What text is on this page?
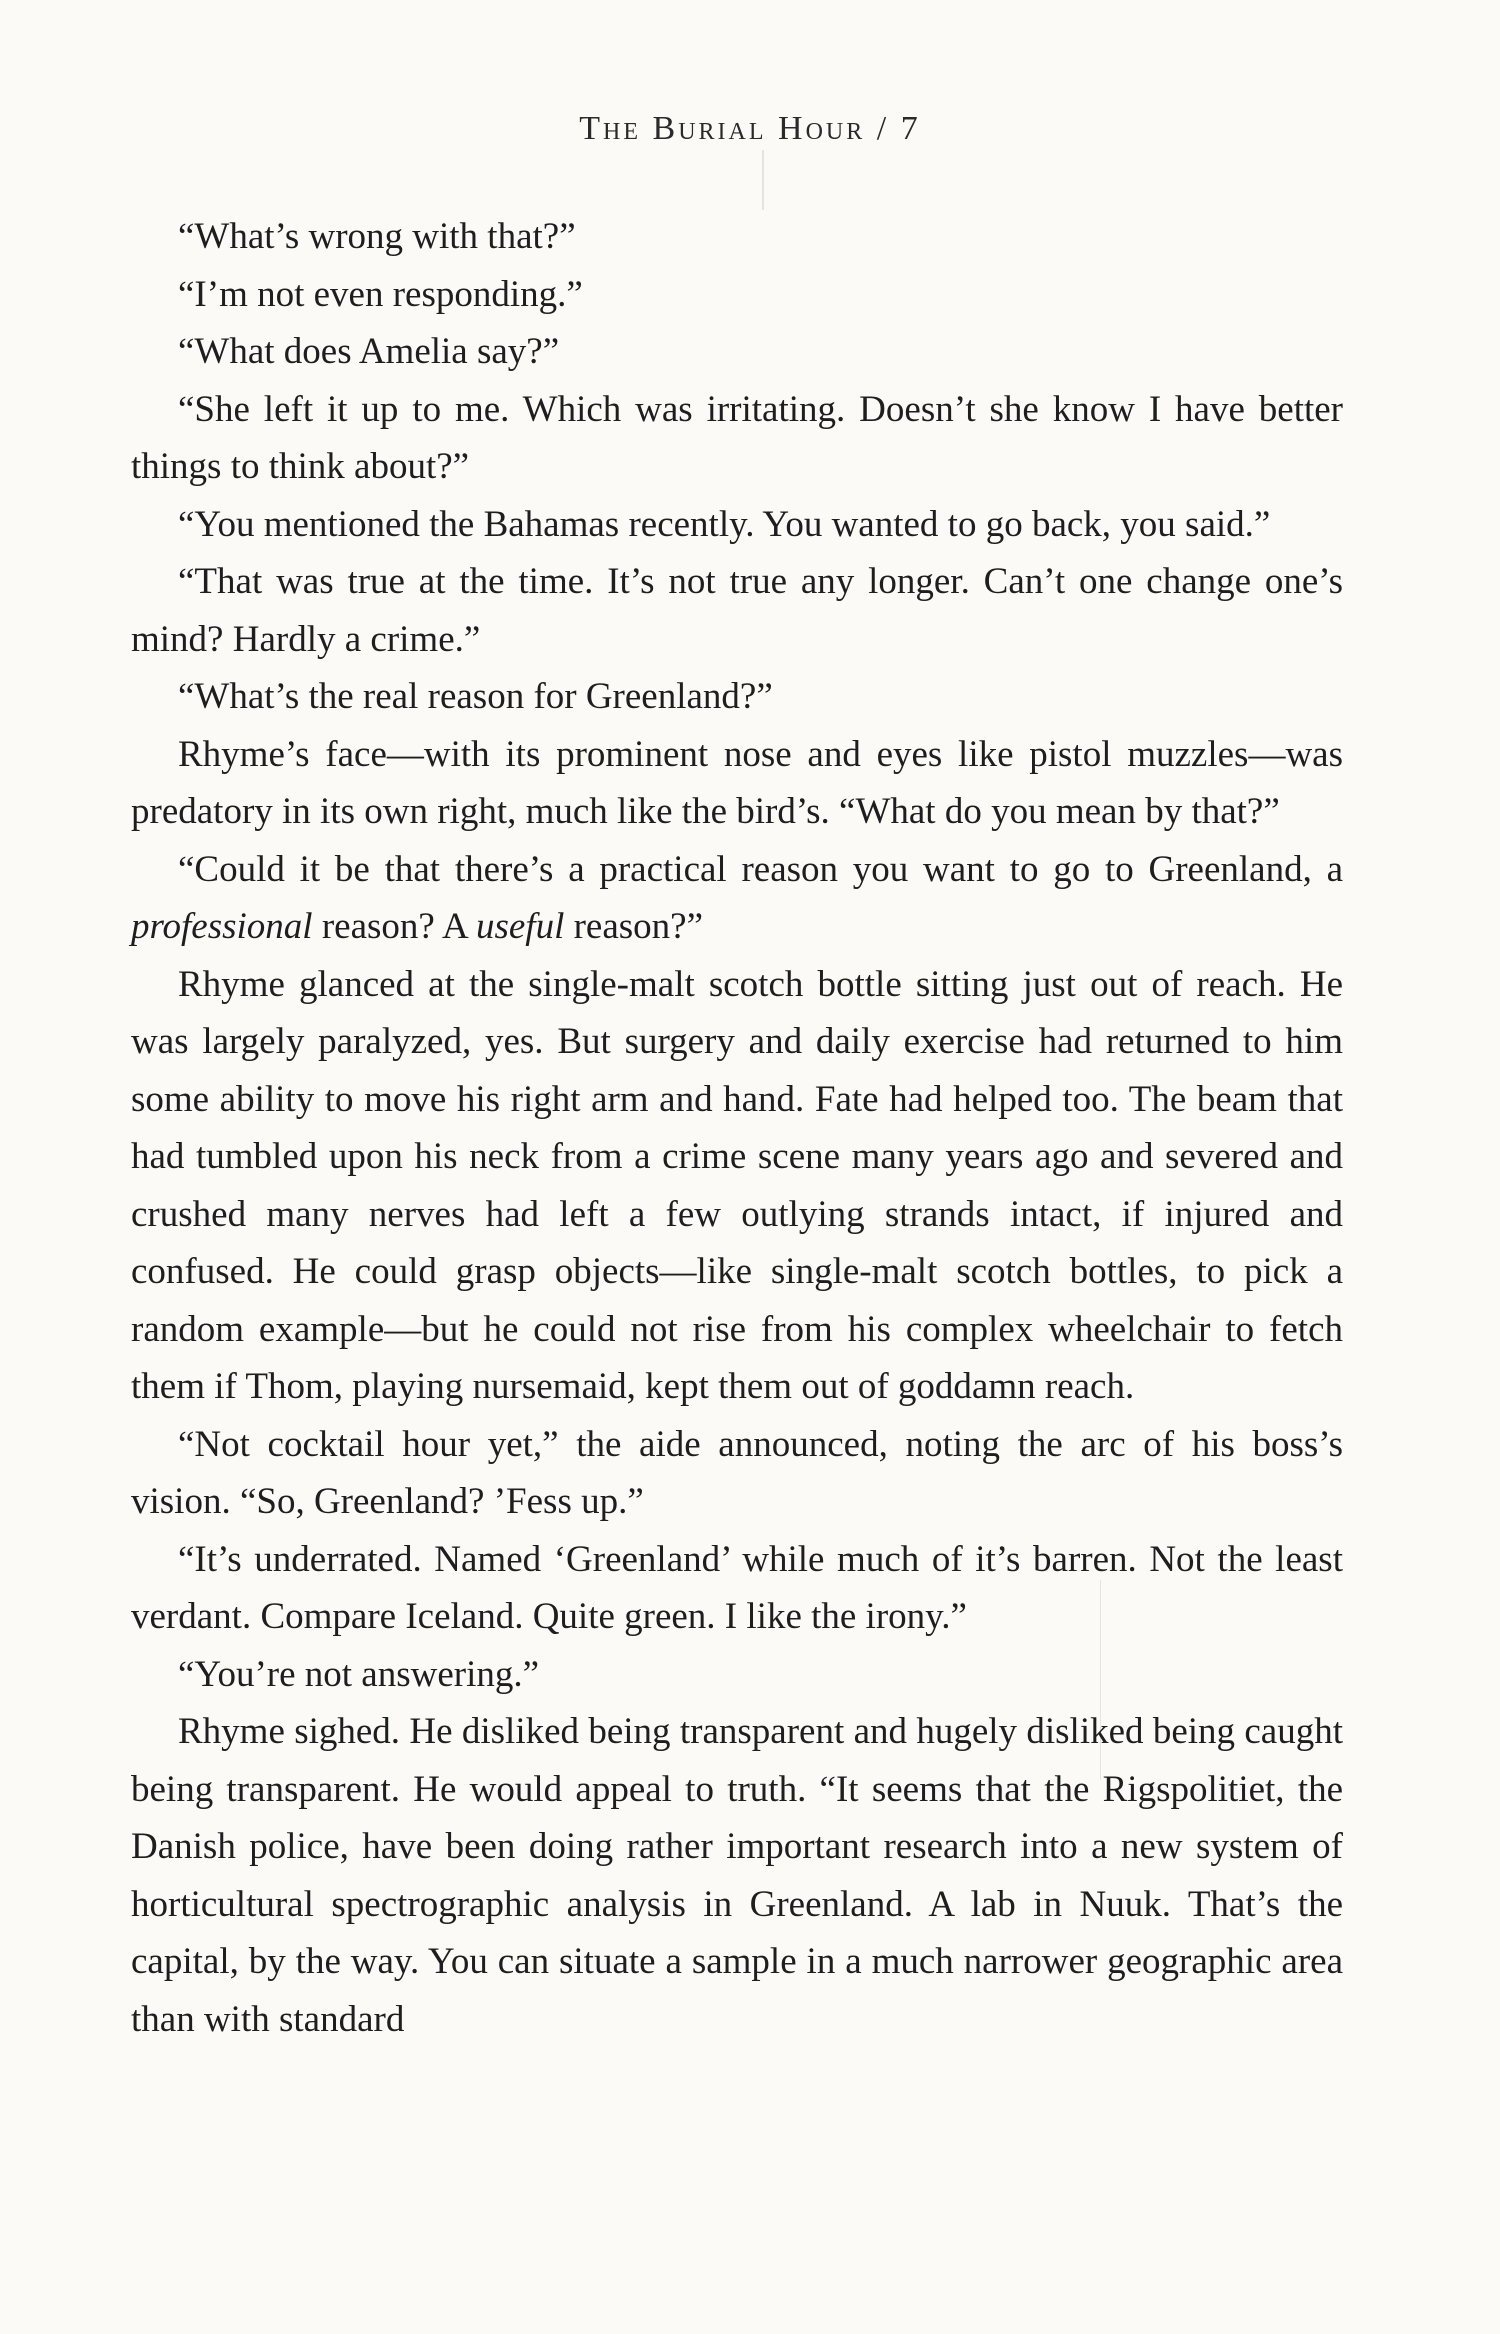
The Burial Hour / 7

“What’s wrong with that?”

“I’m not even responding.”

“What does Amelia say?”

“She left it up to me. Which was irritating. Doesn’t she know I have better things to think about?”

“You mentioned the Bahamas recently. You wanted to go back, you said.”

“That was true at the time. It’s not true any longer. Can’t one change one’s mind? Hardly a crime.”

“What’s the real reason for Greenland?”

Rhyme’s face—with its prominent nose and eyes like pistol muzzles—was predatory in its own right, much like the bird’s. “What do you mean by that?”

“Could it be that there’s a practical reason you want to go to Greenland, a professional reason? A useful reason?”

Rhyme glanced at the single-malt scotch bottle sitting just out of reach. He was largely paralyzed, yes. But surgery and daily exercise had returned to him some ability to move his right arm and hand. Fate had helped too. The beam that had tumbled upon his neck from a crime scene many years ago and severed and crushed many nerves had left a few outlying strands intact, if injured and confused. He could grasp objects—like single-malt scotch bottles, to pick a random example—but he could not rise from his complex wheelchair to fetch them if Thom, playing nursemaid, kept them out of goddamn reach.

“Not cocktail hour yet,” the aide announced, noting the arc of his boss’s vision. “So, Greenland? ’Fess up.”

“It’s underrated. Named ‘Greenland’ while much of it’s barren. Not the least verdant. Compare Iceland. Quite green. I like the irony.”

“You’re not answering.”

Rhyme sighed. He disliked being transparent and hugely disliked being caught being transparent. He would appeal to truth. “It seems that the Rigspolitiet, the Danish police, have been doing rather important research into a new system of horticultural spectrographic analysis in Greenland. A lab in Nuuk. That’s the capital, by the way. You can situate a sample in a much narrower geographic area than with standard
